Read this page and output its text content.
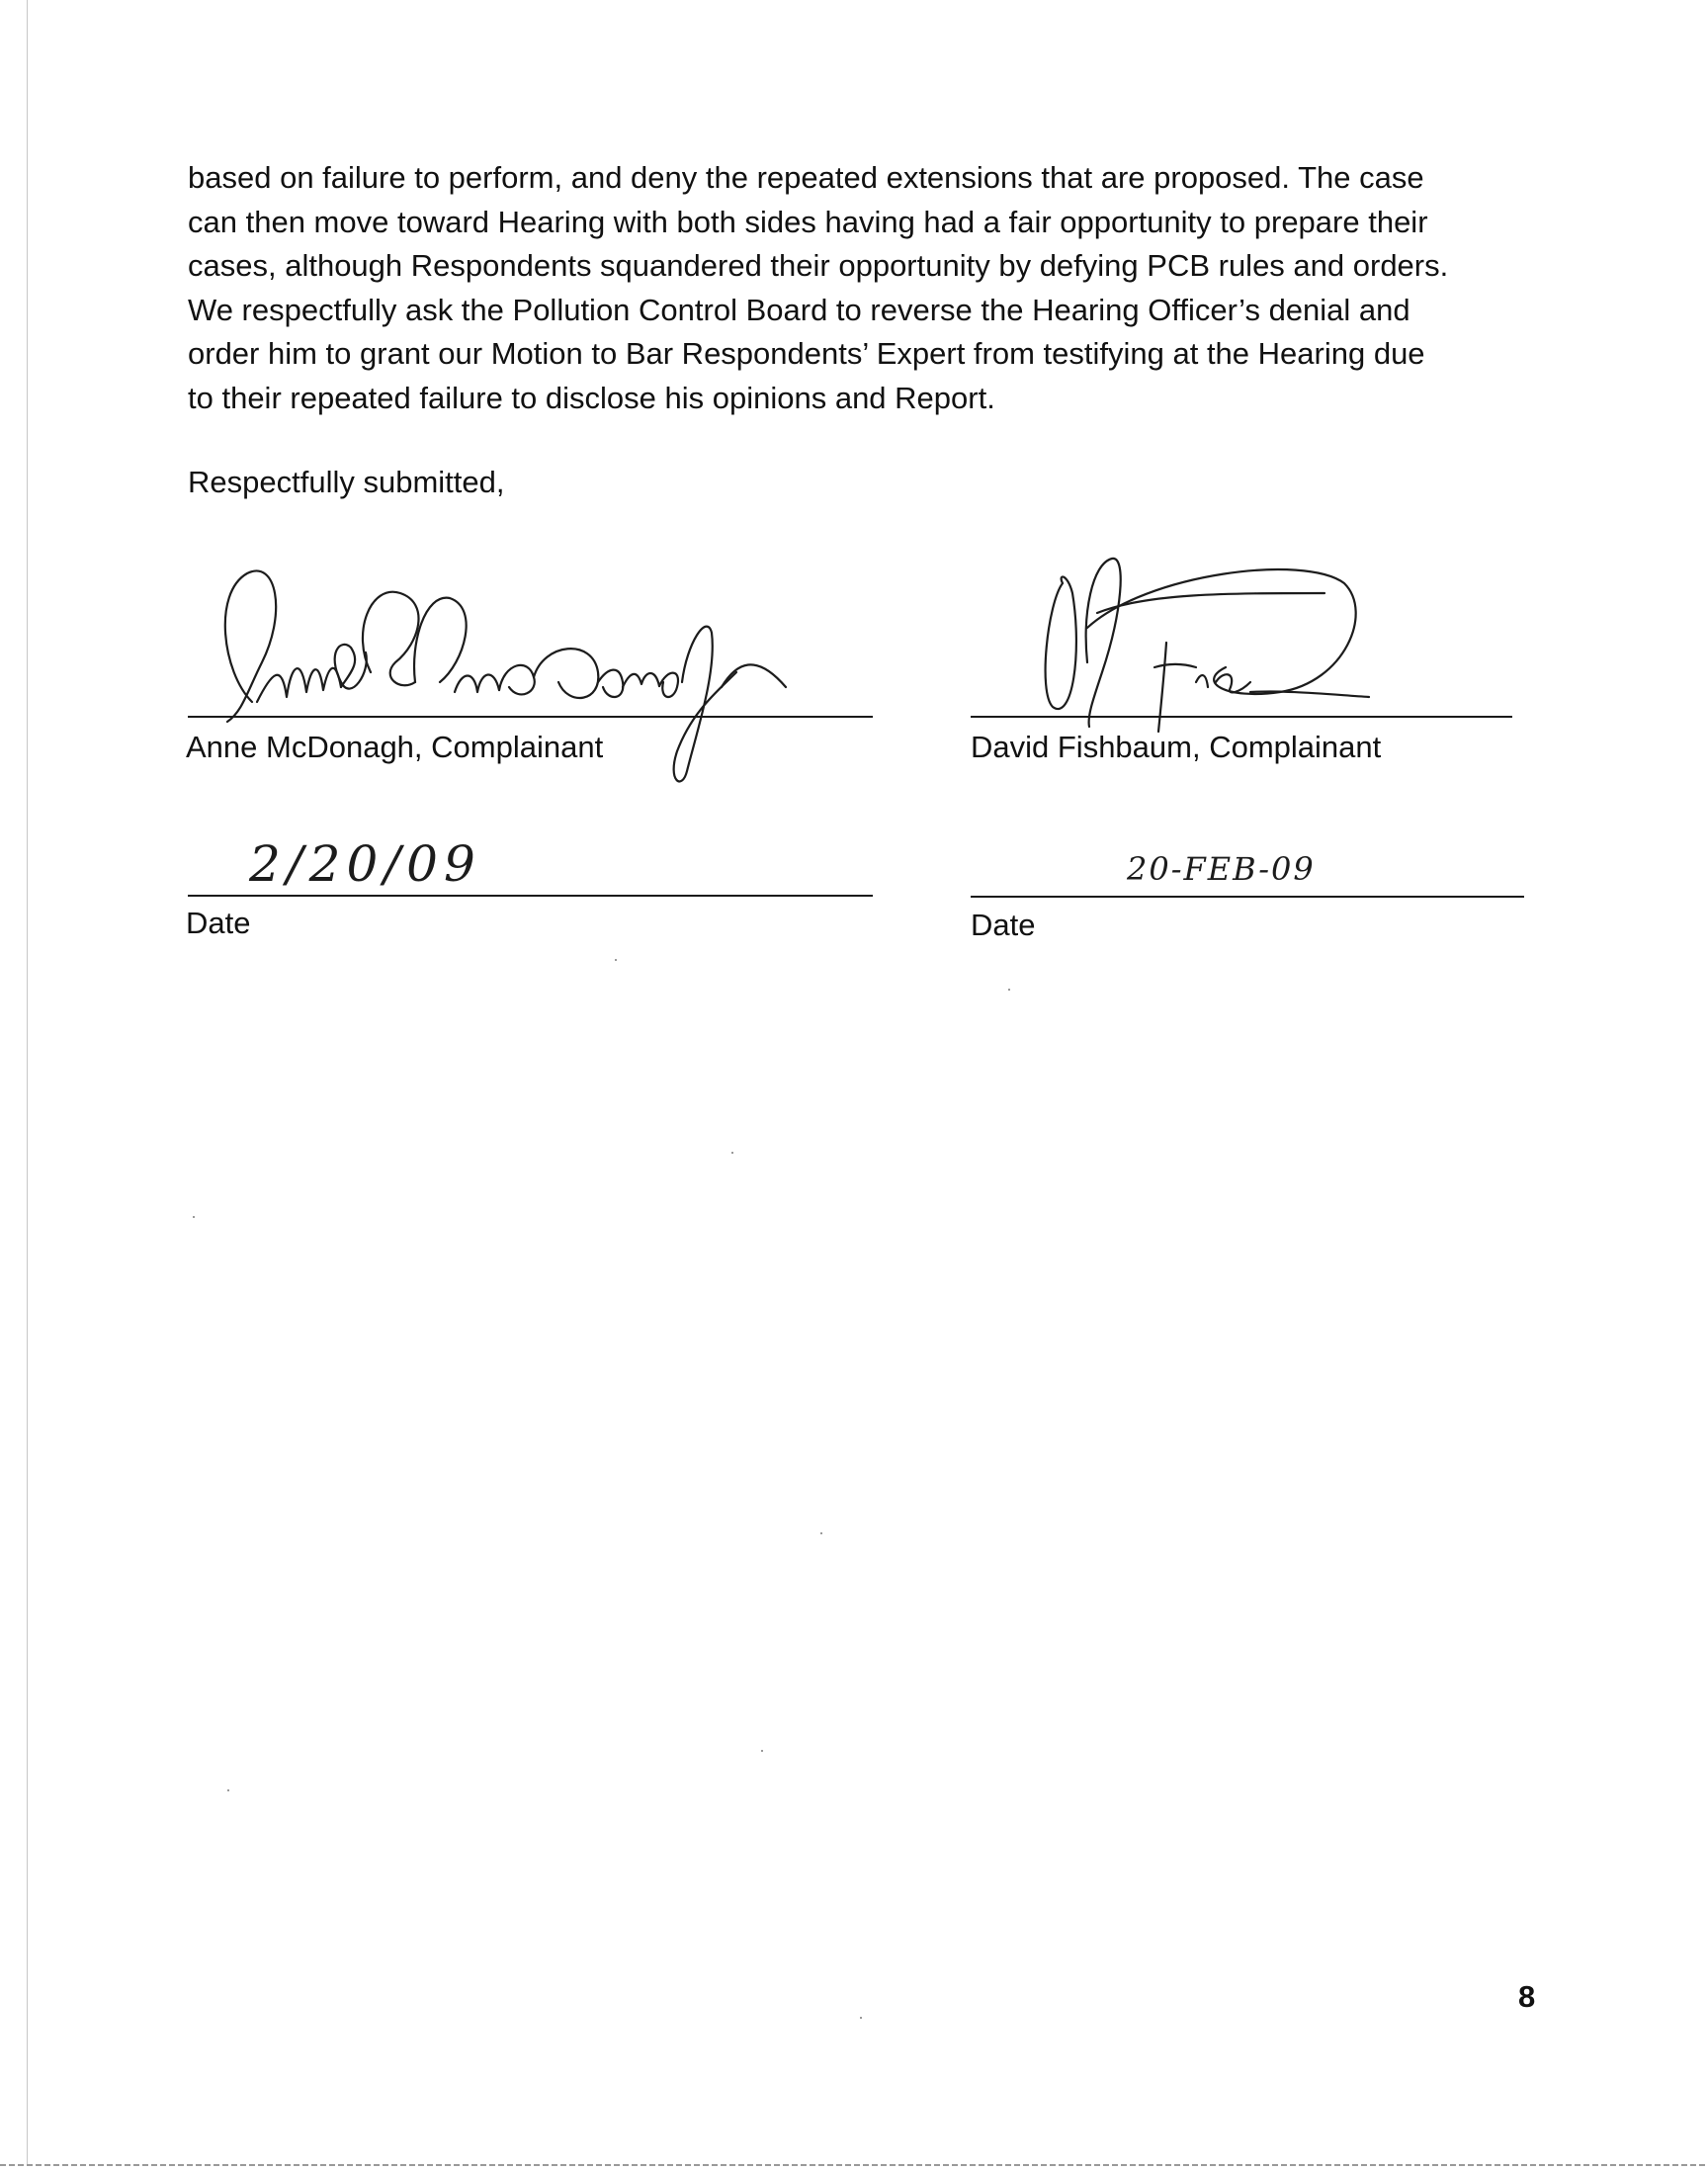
based on failure to perform, and deny the repeated extensions that are proposed. The case
can then move toward Hearing with both sides having had a fair opportunity to prepare their
cases, although Respondents squandered their opportunity by defying PCB rules and orders.
We respectfully ask the Pollution Control Board to reverse the Hearing Officer’s denial and
order him to grant our Motion to Bar Respondents’ Expert from testifying at the Hearing due
to their repeated failure to disclose his opinions and Report.

Respectfully submitted,
Anne McDonagh, Complainant
2/20/09
Date
David Fishbaum, Complainant
20-FEB-09
Date
8
